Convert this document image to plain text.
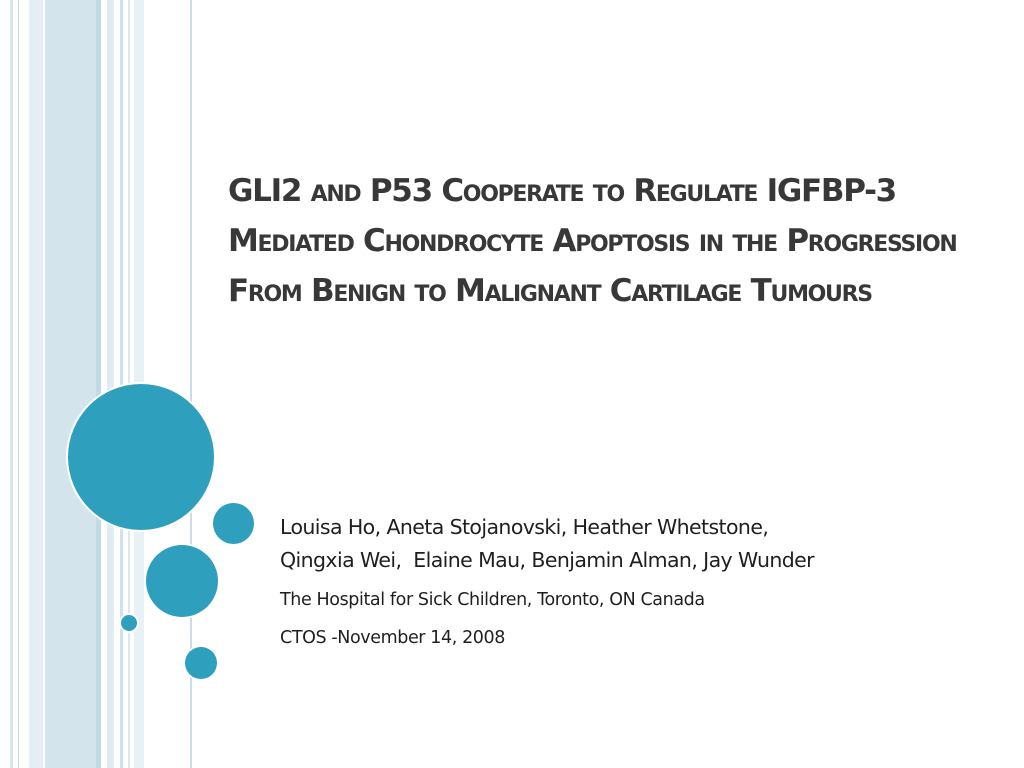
GLI2 and P53 Cooperate to Regulate IGFBP-3 Mediated Chondrocyte Apoptosis in the Progression From Benign to Malignant Cartilage Tumours
Louisa Ho, Aneta Stojanovski, Heather Whetstone,
Qingxia Wei,  Elaine Mau, Benjamin Alman, Jay Wunder
The Hospital for Sick Children, Toronto, ON Canada
CTOS -November 14, 2008
